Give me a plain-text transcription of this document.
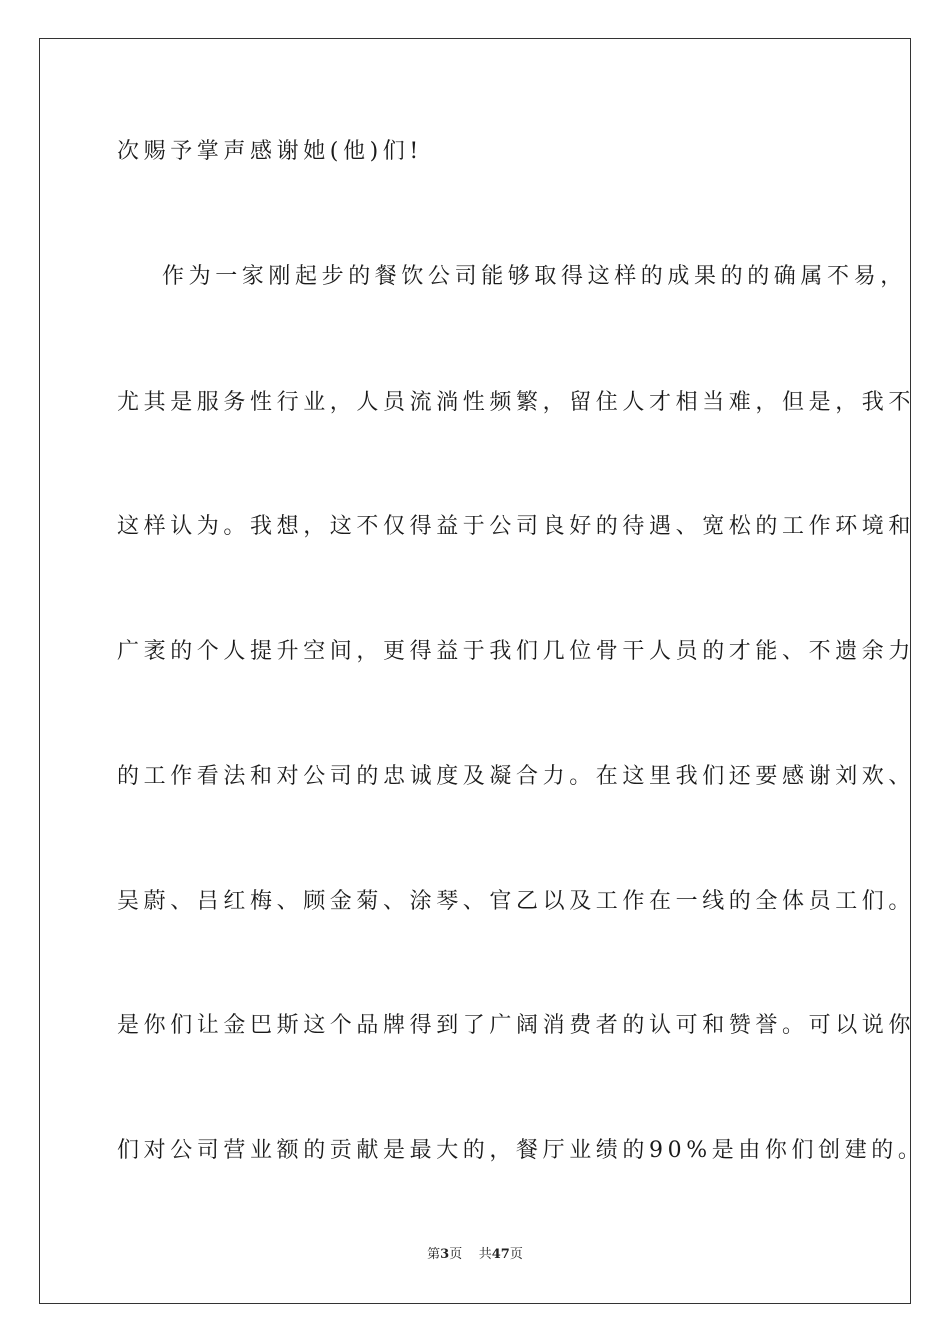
次赐予掌声感谢她(他)们!
作为一家刚起步的餐饮公司能够取得这样的成果的的确属不易，
尤其是服务性行业，人员流淌性频繁，留住人才相当难，但是，我不
这样认为。我想，这不仅得益于公司良好的待遇、宽松的工作环境和
广袤的个人提升空间，更得益于我们几位骨干人员的才能、不遗余力
的工作看法和对公司的忠诚度及凝合力。在这里我们还要感谢刘欢、
吴蔚、吕红梅、顾金菊、涂琴、官乙以及工作在一线的全体员工们。
是你们让金巴斯这个品牌得到了广阔消费者的认可和赞誉。可以说你
们对公司营业额的贡献是最大的，餐厅业绩的90%是由你们创建的。
第3页 共47页
